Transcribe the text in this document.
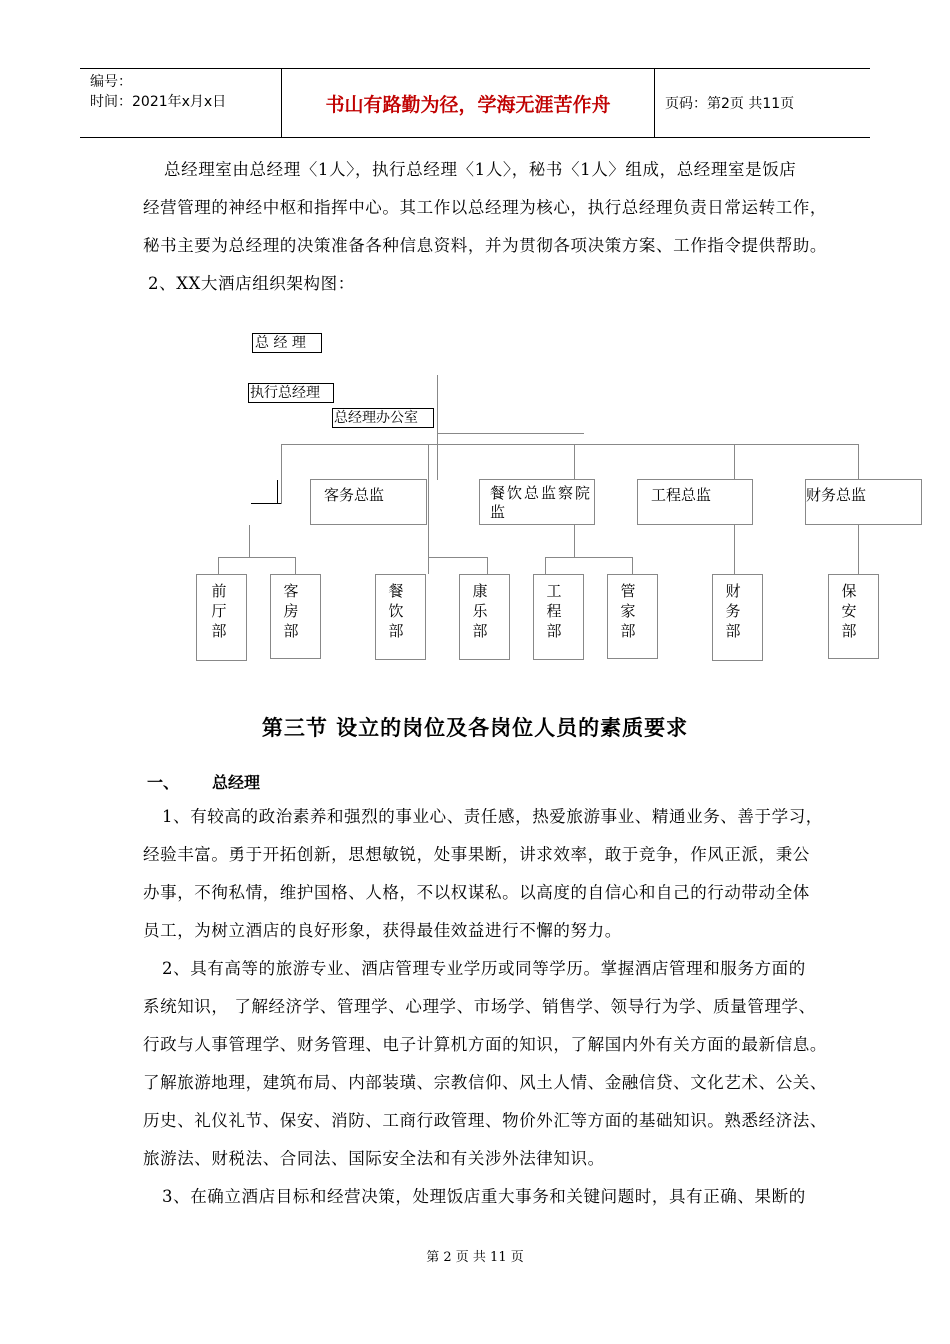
编号：
时间：2021年x月x日	书山有路勤为径，学海无涯苦作舟	页码：第2页 共11页

总经理室由总经理〈1人〉，执行总经理〈1人〉，秘书〈1人〉组成，总经理室是饭店

经营管理的神经中枢和指挥中心。其工作以总经理为核心，执行总经理负责日常运转工作，

秘书主要为总经理的决策准备各种信息资料，并为贯彻各项决策方案、工作指令提供帮助。

2、XX大酒店组织架构图：

总 经 理
执行总经理
总经理办公室
客务总监	餐饮总监察院监
工程总监	财务总监
前厅部
客房部
餐饮部
康乐部
工程部
管家部
财务部
保安部
第三节 设立的岗位及各岗位人员的素质要求
一、 总经理

1、有较高的政治素养和强烈的事业心、责任感，热爱旅游事业、精通业务、善于学习，

经验丰富。勇于开拓创新，思想敏锐，处事果断，讲求效率，敢于竞争，作风正派，秉公

办事，不徇私情，维护国格、人格，不以权谋私。以高度的自信心和自己的行动带动全体

员工，为树立酒店的良好形象，获得最佳效益进行不懈的努力。

2、具有高等的旅游专业、酒店管理专业学历或同等学历。掌握酒店管理和服务方面的

系统知识， 了解经济学、管理学、心理学、市场学、销售学、领导行为学、质量管理学、

行政与人事管理学、财务管理、电子计算机方面的知识，了解国内外有关方面的最新信息。

了解旅游地理，建筑布局、内部装璜、宗教信仰、风土人情、金融信贷、文化艺术、公关、

历史、礼仪礼节、保安、消防、工商行政管理、物价外汇等方面的基础知识。熟悉经济法、

旅游法、财税法、合同法、国际安全法和有关涉外法律知识。

3、在确立酒店目标和经营决策，处理饭店重大事务和关键问题时，具有正确、果断的

第 2 页 共 11 页
